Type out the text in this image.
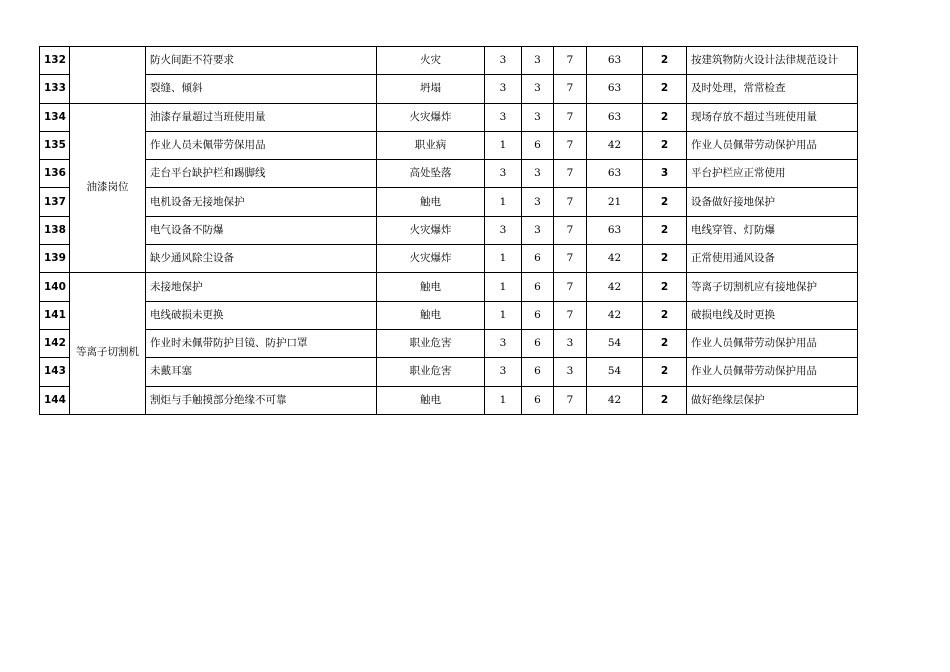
132		防火间距不符要求	火灾	3	3	7	63	2	按建筑物防火设计法律规范设计
133		裂缝、倾斜	坍塌	3	3	7	63	2	及时处理，常常检查
134	油漆岗位	油漆存量超过当班使用量	火灾爆炸	3	3	7	63	2	现场存放不超过当班使用量
135		作业人员未佩带劳保用品	职业病	1	6	7	42	2	作业人员佩带劳动保护用品
136		走台平台缺护栏和踢脚线	高处坠落	3	3	7	63	3	平台护栏应正常使用
137		电机设备无接地保护	触电	1	3	7	21	2	设备做好接地保护
138		电气设备不防爆	火灾爆炸	3	3	7	63	2	电线穿管、灯防爆
139		缺少通风除尘设备	火灾爆炸	1	6	7	42	2	正常使用通风设备
140	等离子切割机	未接地保护	触电	1	6	7	42	2	等离子切割机应有接地保护
141		电线破损未更换	触电	1	6	7	42	2	破损电线及时更换
142		作业时未佩带防护目镜、防护口罩	职业危害	3	6	3	54	2	作业人员佩带劳动保护用品
143		未戴耳塞	职业危害	3	6	3	54	2	作业人员佩带劳动保护用品
144		割炬与手触摸部分绝缘不可靠	触电	1	6	7	42	2	做好绝缘层保护
